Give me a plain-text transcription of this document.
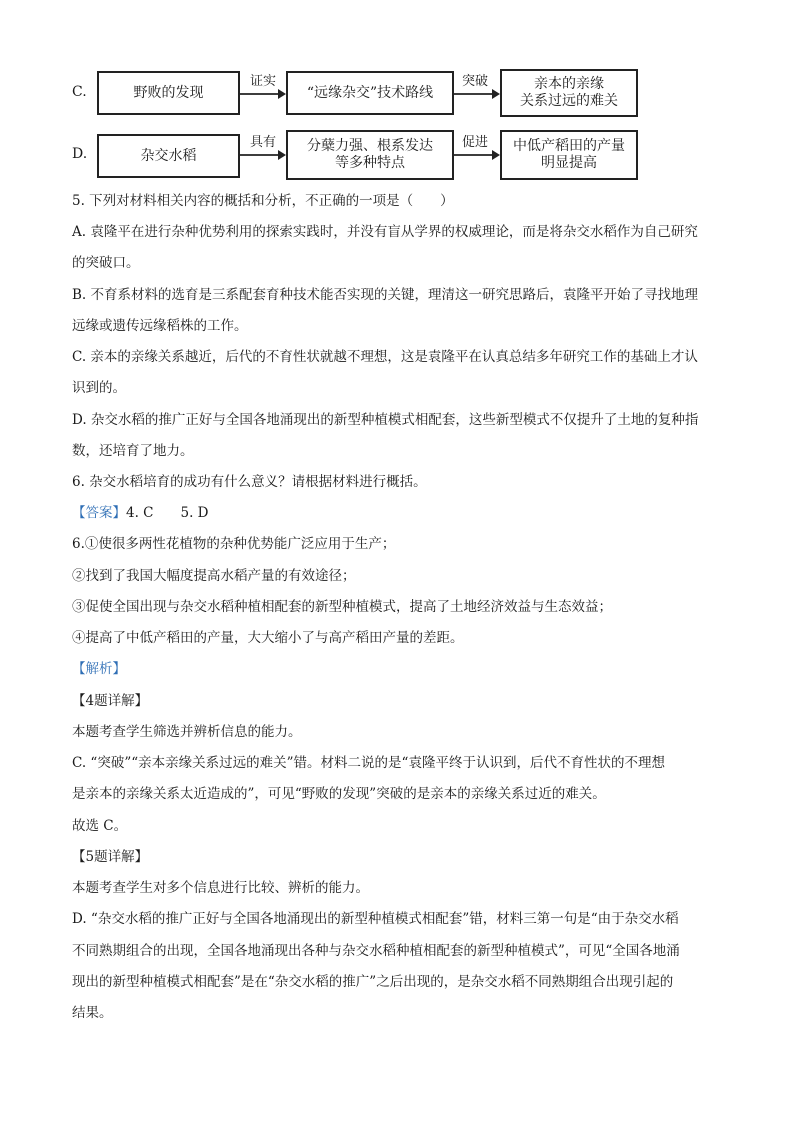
C.	野败的发现
证实
“远缘杂交”技术路线
突破	亲本的亲缘
关系过远的难关
D.	杂交水稻
具有 分蘖力强、根系发达
等多种特点
促进 中低产稻田的产量
明显提高
5. 下列对材料相关内容的概括和分析，不正确的一项是（　　）
A. 袁隆平在进行杂种优势利用的探索实践时，并没有盲从学界的权威理论，而是将杂交水稻作为自己研究
的突破口。
B. 不育系材料的选育是三系配套育种技术能否实现的关键，理清这一研究思路后，袁隆平开始了寻找地理
远缘或遗传远缘稻株的工作。
C. 亲本的亲缘关系越近，后代的不育性状就越不理想，这是袁隆平在认真总结多年研究工作的基础上才认
识到的。
D. 杂交水稻的推广正好与全国各地涌现出的新型种植模式相配套，这些新型模式不仅提升了土地的复种指
数，还培育了地力。
6. 杂交水稻培育的成功有什么意义？请根据材料进行概括。
【答案】4. C　　5. D
6.①使很多两性花植物的杂种优势能广泛应用于生产；
②找到了我国大幅度提高水稻产量的有效途径；
③促使全国出现与杂交水稻种植相配套的新型种植模式，提高了土地经济效益与生态效益；
④提高了中低产稻田的产量，大大缩小了与高产稻田产量的差距。
【解析】
【4题详解】
本题考查学生筛选并辨析信息的能力。
C. “突破”“亲本亲缘关系过远的难关”错。材料二说的是“袁隆平终于认识到，后代不育性状的不理想
是亲本的亲缘关系太近造成的”，可见“野败的发现”突破的是亲本的亲缘关系过近的难关。
故选 C。
【5题详解】
本题考查学生对多个信息进行比较、辨析的能力。
D. “杂交水稻的推广正好与全国各地涌现出的新型种植模式相配套”错，材料三第一句是“由于杂交水稻
不同熟期组合的出现，全国各地涌现出各种与杂交水稻种植相配套的新型种植模式”，可见“全国各地涌
现出的新型种植模式相配套”是在“杂交水稻的推广”之后出现的，是杂交水稻不同熟期组合出现引起的
结果。
